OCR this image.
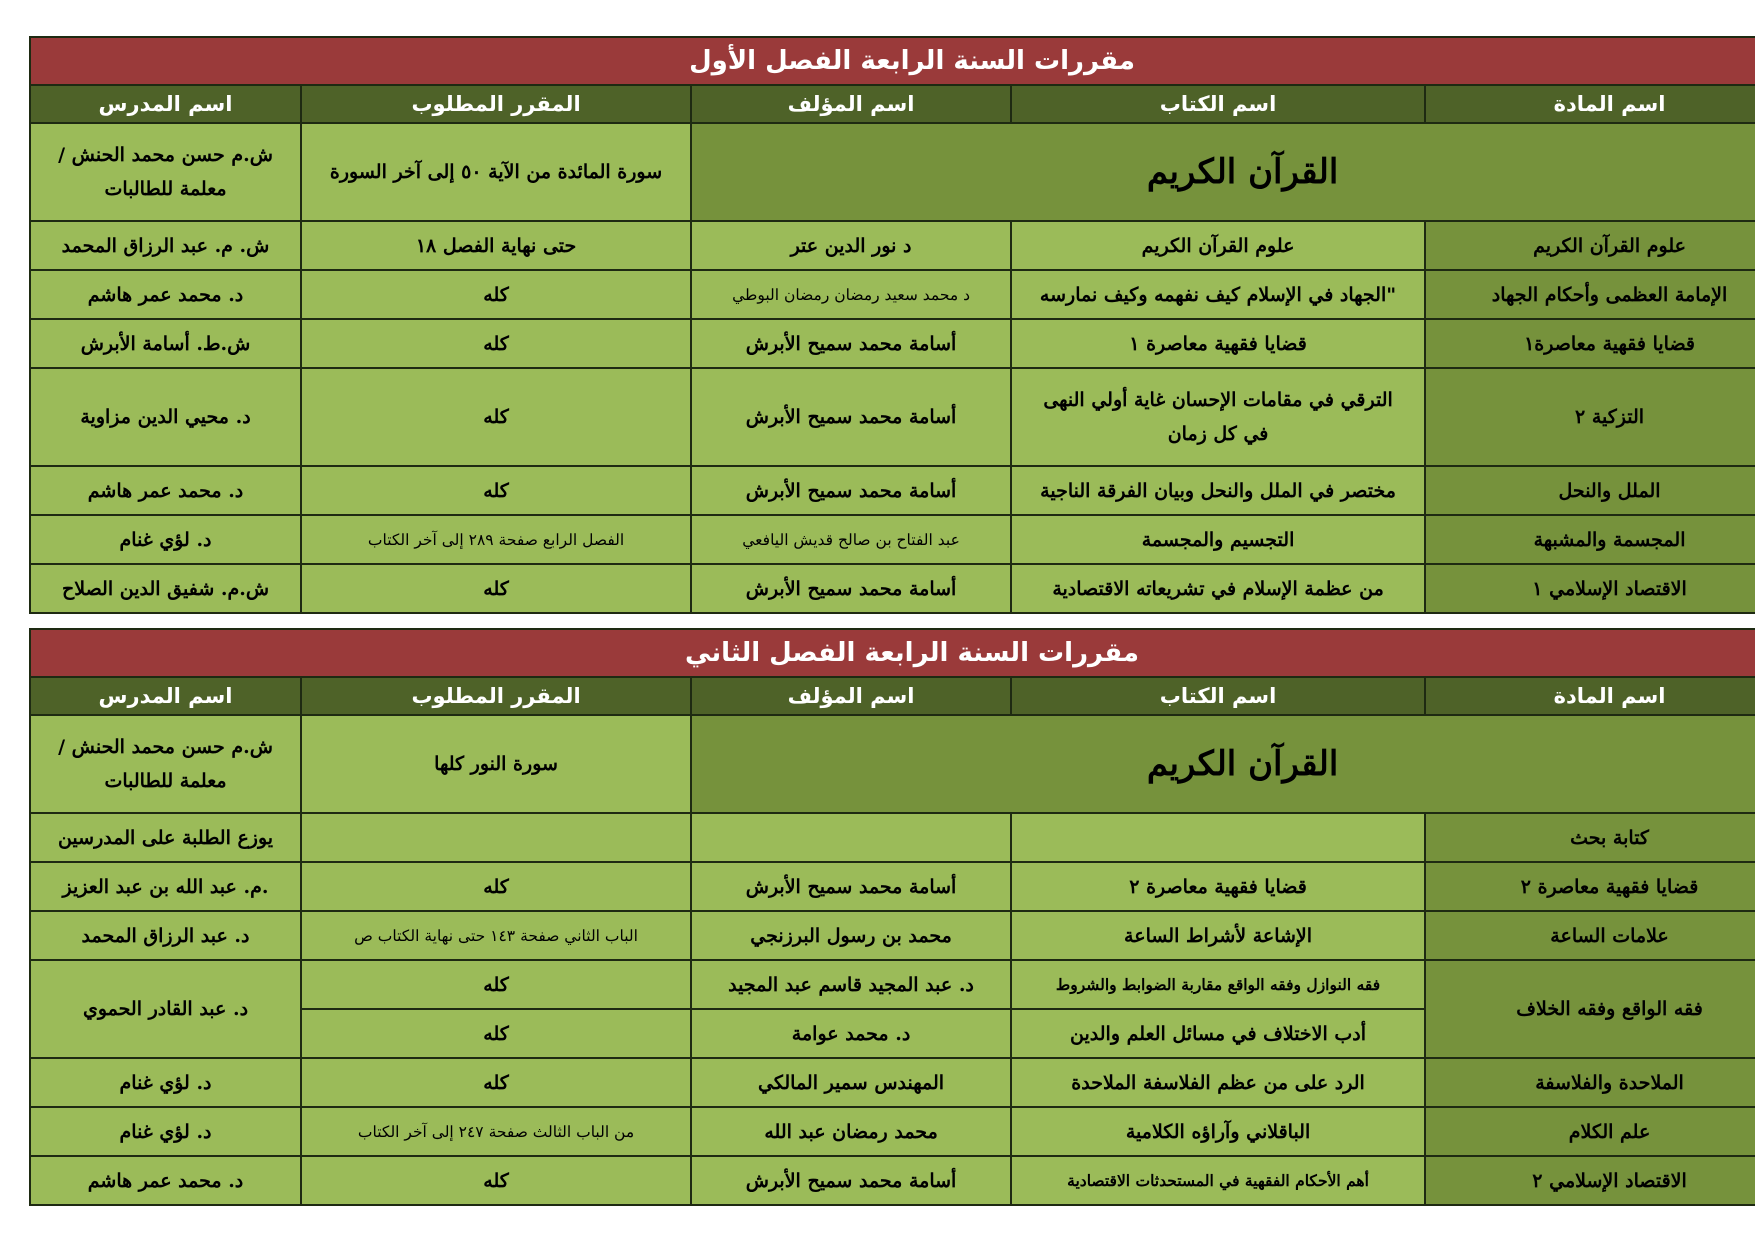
مقررات السنة الرابعة الفصل الأول				
اسم المادة	اسم الكتاب	اسم المؤلف	المقرر المطلوب	اسم المدرس
القرآن الكريم			سورة المائدة من الآية ٥٠ إلى آخر السورة	ش.م حسن محمد الحنش /
معلمة للطالبات
علوم القرآن الكريم	علوم القرآن الكريم	د نور الدين عتر	حتى نهاية الفصل ١٨	ش. م. عبد الرزاق المحمد
الإمامة العظمى وأحكام الجهاد	"الجهاد في الإسلام كيف نفهمه وكيف نمارسه	د محمد سعيد رمضان رمضان البوطي	كله	د. محمد عمر هاشم
قضايا فقهية معاصرة١	قضايا فقهية معاصرة ١	أسامة محمد سميح الأبرش	كله	ش.ط. أسامة الأبرش
التزكية ٢	الترقي في مقامات الإحسان غاية أولي النهى
في كل زمان	أسامة محمد سميح الأبرش	كله	د. محيي الدين مزاوية
الملل والنحل	مختصر في الملل والنحل وبيان الفرقة الناجية	أسامة محمد سميح الأبرش	كله	د. محمد عمر هاشم
المجسمة والمشبهة	التجسيم والمجسمة	عبد الفتاح بن صالح قديش اليافعي	الفصل الرابع صفحة ٢٨٩ إلى آخر الكتاب	د. لؤي غنام
الاقتصاد الإسلامي ١	من عظمة الإسلام في تشريعاته الاقتصادية	أسامة محمد سميح الأبرش	كله	ش.م. شفيق الدين الصلاح
مقررات السنة الرابعة الفصل الثاني				
اسم المادة	اسم الكتاب	اسم المؤلف	المقرر المطلوب	اسم المدرس
القرآن الكريم			سورة النور كلها	ش.م حسن محمد الحنش /
معلمة للطالبات
كتابة بحث				يوزع الطلبة على المدرسين
قضايا فقهية معاصرة ٢	قضايا فقهية معاصرة ٢	أسامة محمد سميح الأبرش	كله	.م. عبد الله بن عبد العزيز
علامات الساعة	الإشاعة لأشراط الساعة	محمد بن رسول البرزنجي	الباب الثاني صفحة ١٤٣ حتى نهاية الكتاب ص	د. عبد الرزاق المحمد
فقه الواقع وفقه الخلاف	فقه النوازل وفقه الواقع مقاربة الضوابط والشروط	د. عبد المجيد قاسم عبد المجيد	كله	د. عبد القادر الحموي
	أدب الاختلاف في مسائل العلم والدين	د. محمد عوامة	كله	
الملاحدة والفلاسفة	الرد على من عظم الفلاسفة الملاحدة	المهندس سمير المالكي	كله	د. لؤي غنام
علم الكلام	الباقلاني وآراؤه الكلامية	محمد رمضان عبد الله	من الباب الثالث صفحة ٢٤٧ إلى آخر الكتاب	د. لؤي غنام
الاقتصاد الإسلامي ٢	أهم الأحكام الفقهية في المستحدثات الاقتصادية	أسامة محمد سميح الأبرش	كله	د. محمد عمر هاشم
